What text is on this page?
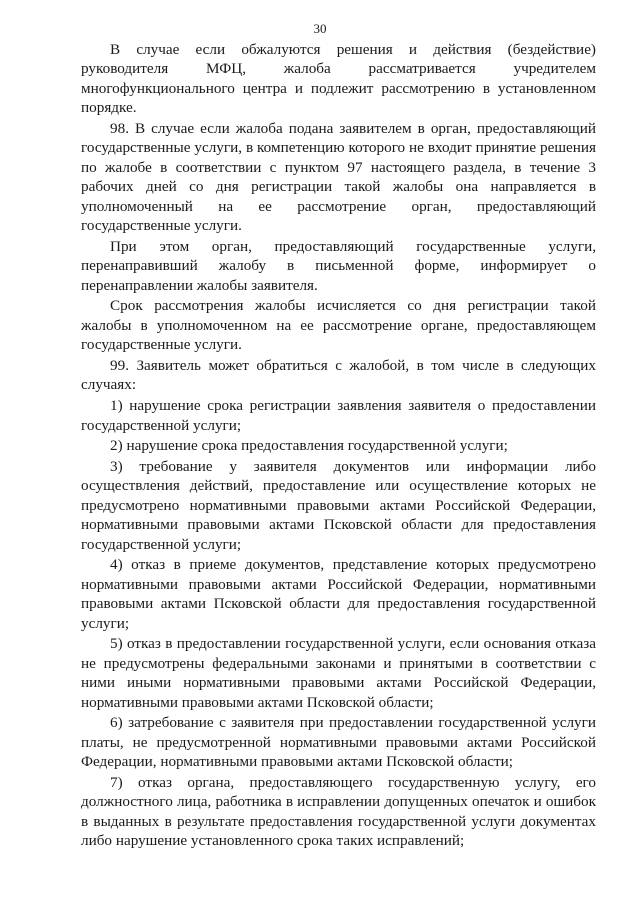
30

В случае если обжалуются решения и действия (бездействие) руководителя МФЦ, жалоба рассматривается учредителем многофункционального центра и подлежит рассмотрению в установленном порядке.

98. В случае если жалоба подана заявителем в орган, предоставляющий государственные услуги, в компетенцию которого не входит принятие решения по жалобе в соответствии с пунктом 97 настоящего раздела, в течение 3 рабочих дней со дня регистрации такой жалобы она направляется в уполномоченный на ее рассмотрение орган, предоставляющий государственные услуги.

При этом орган, предоставляющий государственные услуги, перенаправивший жалобу в письменной форме, информирует о перенаправлении жалобы заявителя.

Срок рассмотрения жалобы исчисляется со дня регистрации такой жалобы в уполномоченном на ее рассмотрение органе, предоставляющем государственные услуги.

99. Заявитель может обратиться с жалобой, в том числе в следующих случаях:

1) нарушение срока регистрации заявления заявителя о предоставлении государственной услуги;

2) нарушение срока предоставления государственной услуги;

3) требование у заявителя документов или информации либо осуществления действий, предоставление или осуществление которых не предусмотрено нормативными правовыми актами Российской Федерации, нормативными правовыми актами Псковской области для предоставления государственной услуги;

4) отказ в приеме документов, представление которых предусмотрено нормативными правовыми актами Российской Федерации, нормативными правовыми актами Псковской области для предоставления государственной услуги;

5) отказ в предоставлении государственной услуги, если основания отказа не предусмотрены федеральными законами и принятыми в соответствии с ними иными нормативными правовыми актами Российской Федерации, нормативными правовыми актами Псковской области;

6) затребование с заявителя при предоставлении государственной услуги платы, не предусмотренной нормативными правовыми актами Российской Федерации, нормативными правовыми актами Псковской области;

7) отказ органа, предоставляющего государственную услугу, его должностного лица, работника в исправлении допущенных опечаток и ошибок в выданных в результате предоставления государственной услуги документах либо нарушение установленного срока таких исправлений;
